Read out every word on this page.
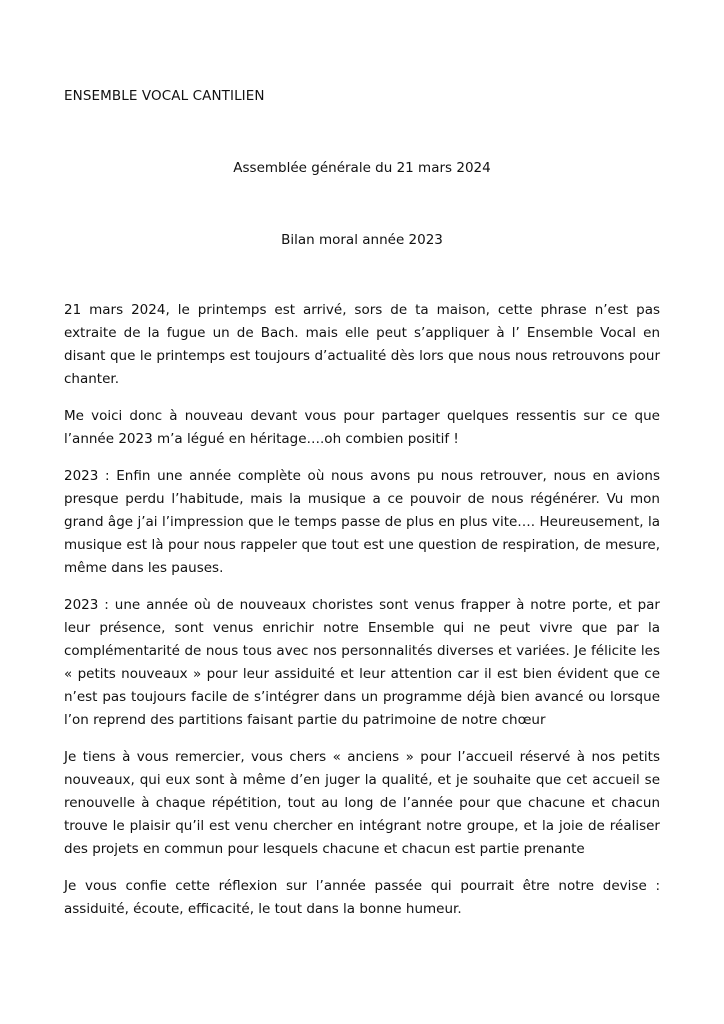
ENSEMBLE VOCAL CANTILIEN
Assemblée générale du 21 mars 2024
Bilan moral année 2023

21 mars 2024, le printemps est arrivé, sors de ta maison, cette phrase n’est pas extraite de la fugue un de Bach. mais elle peut s’appliquer à l’ Ensemble Vocal en disant que le printemps est toujours d’actualité dès lors que nous nous retrouvons pour chanter.

Me voici donc à nouveau devant vous pour partager quelques ressentis sur ce que l’année 2023 m’a légué en héritage….oh combien positif !

2023 : Enfin une année complète où nous avons pu nous retrouver, nous en avions presque perdu l’habitude, mais la musique a ce pouvoir de nous régénérer. Vu mon grand âge j’ai l’impression que le temps passe de plus en plus vite…. Heureusement, la musique est là pour nous rappeler que tout est une question de respiration, de mesure, même dans les pauses.

2023 : une année où de nouveaux choristes sont venus frapper à notre porte, et par leur présence, sont venus enrichir notre Ensemble qui ne peut vivre que par la complémentarité de nous tous avec nos personnalités diverses et variées. Je félicite les « petits nouveaux » pour leur assiduité et leur attention car il est bien évident que ce n’est pas toujours facile de s’intégrer dans un programme déjà bien avancé ou lorsque l’on reprend des partitions faisant partie du patrimoine de notre chœur

Je tiens à vous remercier, vous chers « anciens » pour l’accueil réservé à nos petits nouveaux, qui eux sont à même d’en juger la qualité, et je souhaite que cet accueil se renouvelle à chaque répétition, tout au long de l’année pour que chacune et chacun trouve le plaisir qu’il est venu chercher en intégrant notre groupe, et la joie de réaliser des projets en commun pour lesquels chacune et chacun est partie prenante

Je vous confie cette réflexion sur l’année passée qui pourrait être notre devise : assiduité, écoute, efficacité, le tout dans la bonne humeur.
